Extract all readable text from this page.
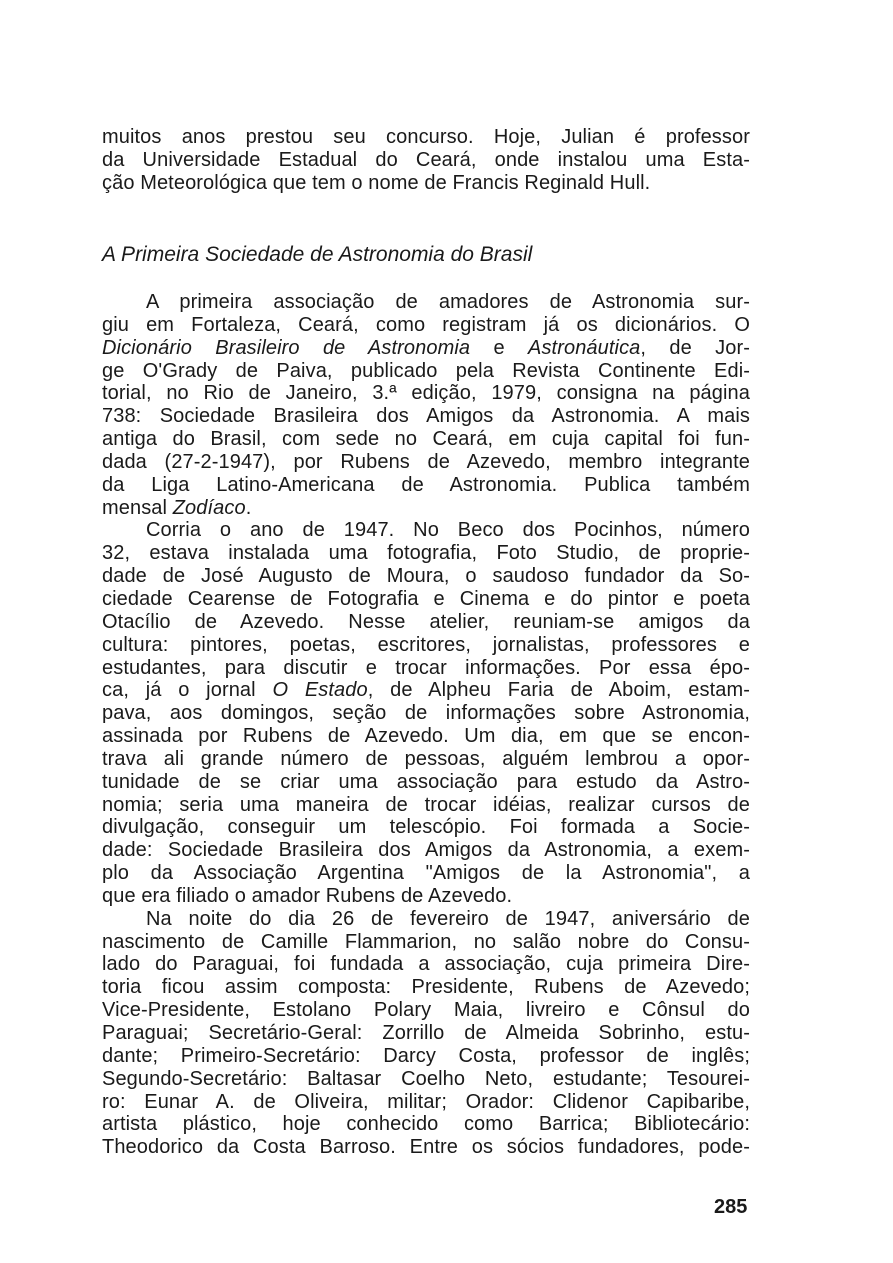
muitos anos prestou seu concurso. Hoje, Julian é professor
da Universidade Estadual do Ceará, onde instalou uma Esta-
ção Meteorológica que tem o nome de Francis Reginald Hull.
A Primeira Sociedade de Astronomia do Brasil
A primeira associação de amadores de Astronomia sur-
giu em Fortaleza, Ceará, como registram já os dicionários. O
Dicionário Brasileiro de Astronomia e Astronáutica, de Jor-
ge O'Grady de Paiva, publicado pela Revista Continente Edi-
torial, no Rio de Janeiro, 3.ª edição, 1979, consigna na página
738: Sociedade Brasileira dos Amigos da Astronomia. A mais
antiga do Brasil, com sede no Ceará, em cuja capital foi fun-
dada (27-2-1947), por Rubens de Azevedo, membro integrante
da Liga Latino-Americana de Astronomia. Publica também
mensal Zodíaco.
Corria o ano de 1947. No Beco dos Pocinhos, número
32, estava instalada uma fotografia, Foto Studio, de proprie-
dade de José Augusto de Moura, o saudoso fundador da So-
ciedade Cearense de Fotografia e Cinema e do pintor e poeta
Otacílio de Azevedo. Nesse atelier, reuniam-se amigos da
cultura: pintores, poetas, escritores, jornalistas, professores e
estudantes, para discutir e trocar informações. Por essa épo-
ca, já o jornal O Estado, de Alpheu Faria de Aboim, estam-
pava, aos domingos, seção de informações sobre Astronomia,
assinada por Rubens de Azevedo. Um dia, em que se encon-
trava ali grande número de pessoas, alguém lembrou a opor-
tunidade de se criar uma associação para estudo da Astro-
nomia; seria uma maneira de trocar idéias, realizar cursos de
divulgação, conseguir um telescópio. Foi formada a Socie-
dade: Sociedade Brasileira dos Amigos da Astronomia, a exem-
plo da Associação Argentina "Amigos de la Astronomia", a
que era filiado o amador Rubens de Azevedo.
Na noite do dia 26 de fevereiro de 1947, aniversário de
nascimento de Camille Flammarion, no salão nobre do Consu-
lado do Paraguai, foi fundada a associação, cuja primeira Dire-
toria ficou assim composta: Presidente, Rubens de Azevedo;
Vice-Presidente, Estolano Polary Maia, livreiro e Cônsul do
Paraguai; Secretário-Geral: Zorrillo de Almeida Sobrinho, estu-
dante; Primeiro-Secretário: Darcy Costa, professor de inglês;
Segundo-Secretário: Baltasar Coelho Neto, estudante; Tesourei-
ro: Eunar A. de Oliveira, militar; Orador: Clidenor Capibaribe,
artista plástico, hoje conhecido como Barrica; Bibliotecário:
Theodorico da Costa Barroso. Entre os sócios fundadores, pode-
285
